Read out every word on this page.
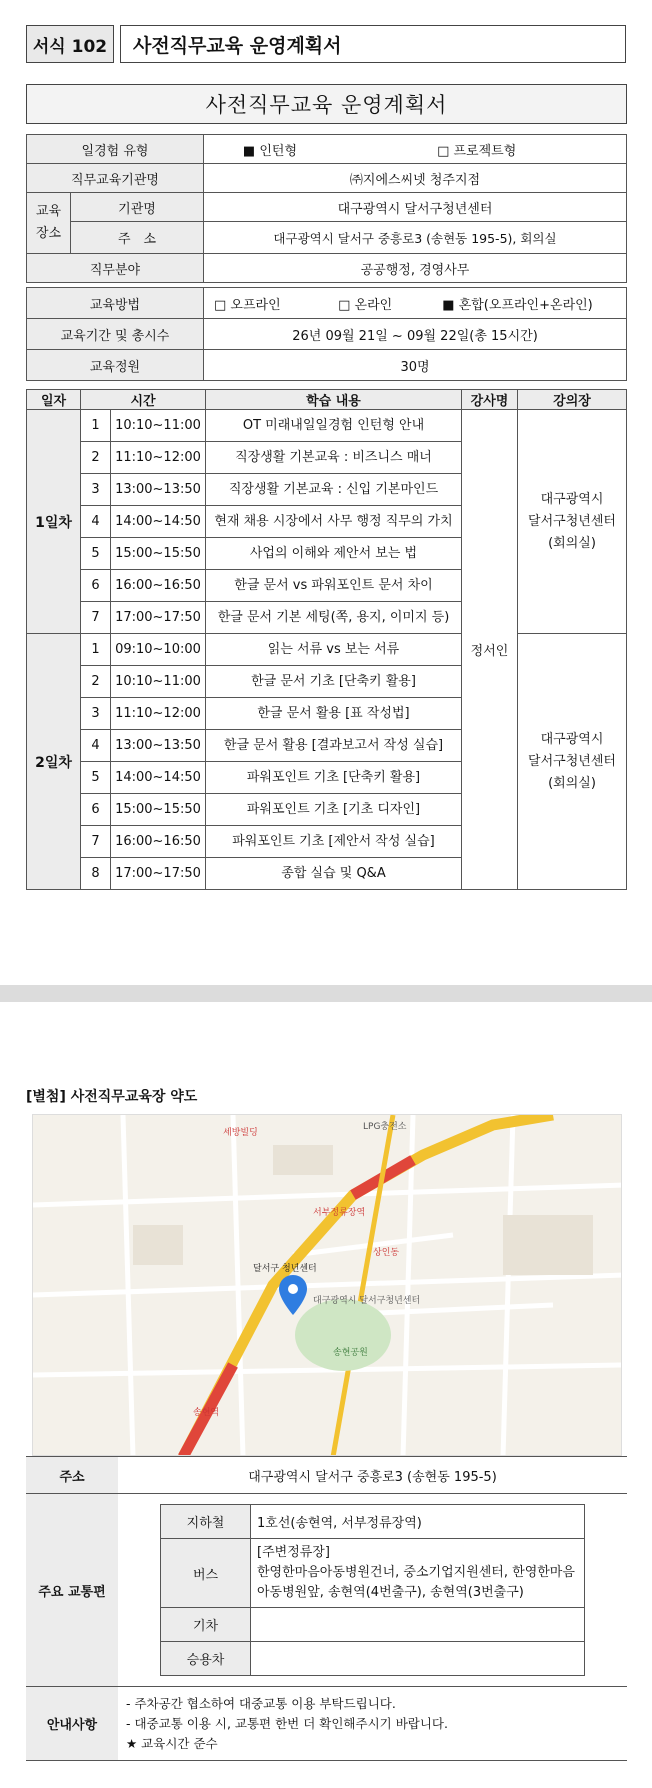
서식 102	사전직무교육 운영계획서
사전직무교육 운영계획서
일경험 유형		■ 인턴형 □ 프로젝트형
직무교육기관명		㈜지에스씨넷 청주지점
교육
장소	기관명	대구광역시 달서구청년센터
	주　소	대구광역시 달서구 중흥로3 (송현동 195-5), 회의실
직무분야		공공행정, 경영사무
교육방법	□ 오프라인 □ 온라인 ■ 혼합(오프라인+온라인)
교육기간 및 총시수	26년 09월 21일 ~ 09월 22일(총 15시간)
교육정원	30명
일자	시간		학습 내용	강사명	강의장
1일차	1	10:10~11:00	OT 미래내일일경험 인턴형 안내	정서인	대구광역시
달서구청년센터
(회의실)
	2	11:10~12:00	직장생활 기본교육 : 비즈니스 매너		
	3	13:00~13:50	직장생활 기본교육 : 신입 기본마인드		
	4	14:00~14:50	현재 채용 시장에서 사무 행정 직무의 가치		
	5	15:00~15:50	사업의 이해와 제안서 보는 법		
	6	16:00~16:50	한글 문서 vs 파워포인트 문서 차이		
	7	17:00~17:50	한글 문서 기본 세팅(쪽, 용지, 이미지 등)		
2일차	1	09:10~10:00	읽는 서류 vs 보는 서류		대구광역시
달서구청년센터
(회의실)
	2	10:10~11:00	한글 문서 기초 [단축키 활용]		
	3	11:10~12:00	한글 문서 활용 [표 작성법]		
	4	13:00~13:50	한글 문서 활용 [결과보고서 작성 실습]		
	5	14:00~14:50	파워포인트 기초 [단축키 활용]		
	6	15:00~15:50	파워포인트 기초 [기초 디자인]		
	7	16:00~16:50	파워포인트 기초 [제안서 작성 실습]		
	8	17:00~17:50	종합 실습 및 Q&A		
[별첨] 사전직무교육장 약도
LPG충전소
대구광역시 달서구청년센터
송현역
송현공원
서부정류장역
세방빌딩
상인동
달서구 청년센터
주소	대구광역시 달서구 중흥로3 (송현동 195-5)
주요 교통편	
지하철	1호선(송현역, 서부정류장역)
버스	[주변정류장]
한영한마음아동병원건너, 중소기업지원센터, 한영한마음아동병원앞, 송현역(4번출구), 송현역(3번출구)
기차	
승용차	

안내사항	
- 주차공간 협소하여 대중교통 이용 부탁드립니다.
- 대중교통 이용 시, 교통편 한번 더 확인해주시기 바랍니다.
★ 교육시간 준수
